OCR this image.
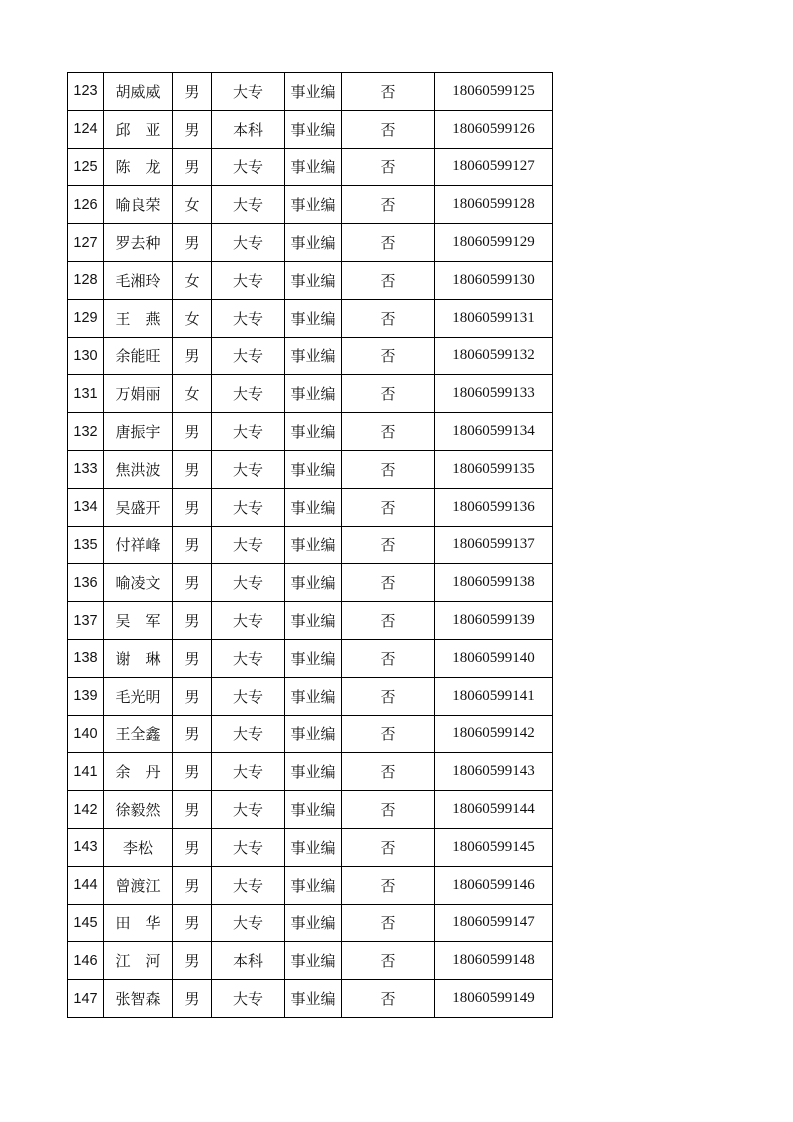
123	胡威威	男	大专	事业编	否	18060599125
124	邱　亚	男	本科	事业编	否	18060599126
125	陈　龙	男	大专	事业编	否	18060599127
126	喻良荣	女	大专	事业编	否	18060599128
127	罗去种	男	大专	事业编	否	18060599129
128	毛湘玲	女	大专	事业编	否	18060599130
129	王　燕	女	大专	事业编	否	18060599131
130	余能旺	男	大专	事业编	否	18060599132
131	万娟丽	女	大专	事业编	否	18060599133
132	唐振宇	男	大专	事业编	否	18060599134
133	焦洪波	男	大专	事业编	否	18060599135
134	吴盛开	男	大专	事业编	否	18060599136
135	付祥峰	男	大专	事业编	否	18060599137
136	喻凌文	男	大专	事业编	否	18060599138
137	吴　军	男	大专	事业编	否	18060599139
138	谢　琳	男	大专	事业编	否	18060599140
139	毛光明	男	大专	事业编	否	18060599141
140	王全鑫	男	大专	事业编	否	18060599142
141	余　丹	男	大专	事业编	否	18060599143
142	徐毅然	男	大专	事业编	否	18060599144
143	李松	男	大专	事业编	否	18060599145
144	曾渡江	男	大专	事业编	否	18060599146
145	田　华	男	大专	事业编	否	18060599147
146	江　河	男	本科	事业编	否	18060599148
147	张智森	男	大专	事业编	否	18060599149
